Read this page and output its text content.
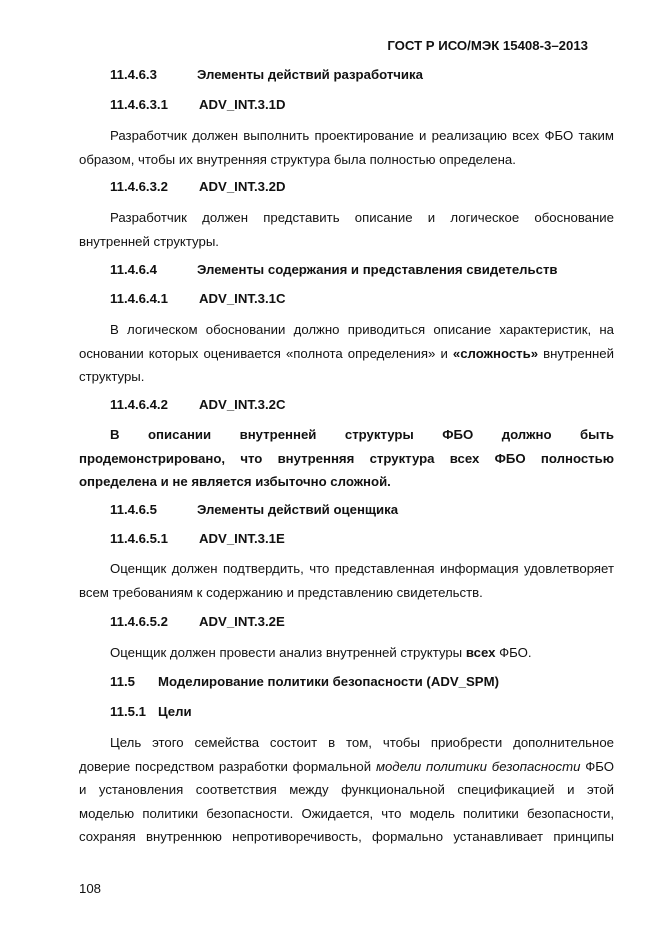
ГОСТ Р ИСО/МЭК 15408-3–2013
11.4.6.3	Элементы действий разработчика
11.4.6.3.1 ADV_INT.3.1D
Разработчик должен выполнить проектирование и реализацию всех ФБО таким
образом, чтобы их внутренняя структура была полностью определена.
11.4.6.3.2 ADV_INT.3.2D
Разработчик должен представить описание и логическое обоснование
внутренней структуры.
11.4.6.4	Элементы содержания и представления свидетельств
11.4.6.4.1 ADV_INT.3.1C
В логическом обосновании должно приводиться описание характеристик, на
основании которых оценивается «полнота определения» и «сложность» внутренней
структуры.
11.4.6.4.2 ADV_INT.3.2C
В описании внутренней структуры ФБО должно быть
продемонстрировано, что внутренняя структура всех ФБО полностью
определена и не является избыточно сложной.
11.4.6.5	Элементы действий оценщика
11.4.6.5.1 ADV_INT.3.1E
Оценщик должен подтвердить, что представленная информация удовлетворяет
всем требованиям к содержанию и представлению свидетельств.
11.4.6.5.2 ADV_INT.3.2E
Оценщик должен провести анализ внутренней структуры всех ФБО.
11.5 Моделирование политики безопасности (ADV_SPM)
11.5.1 Цели
Цель этого семейства состоит в том, чтобы приобрести дополнительное
доверие посредством разработки формальной модели политики безопасности ФБО
и установления соответствия между функциональной спецификацией и этой
моделью политики безопасности. Ожидается, что модель политики безопасности,
сохраняя внутреннюю непротиворечивость, формально устанавливает принципы
108
